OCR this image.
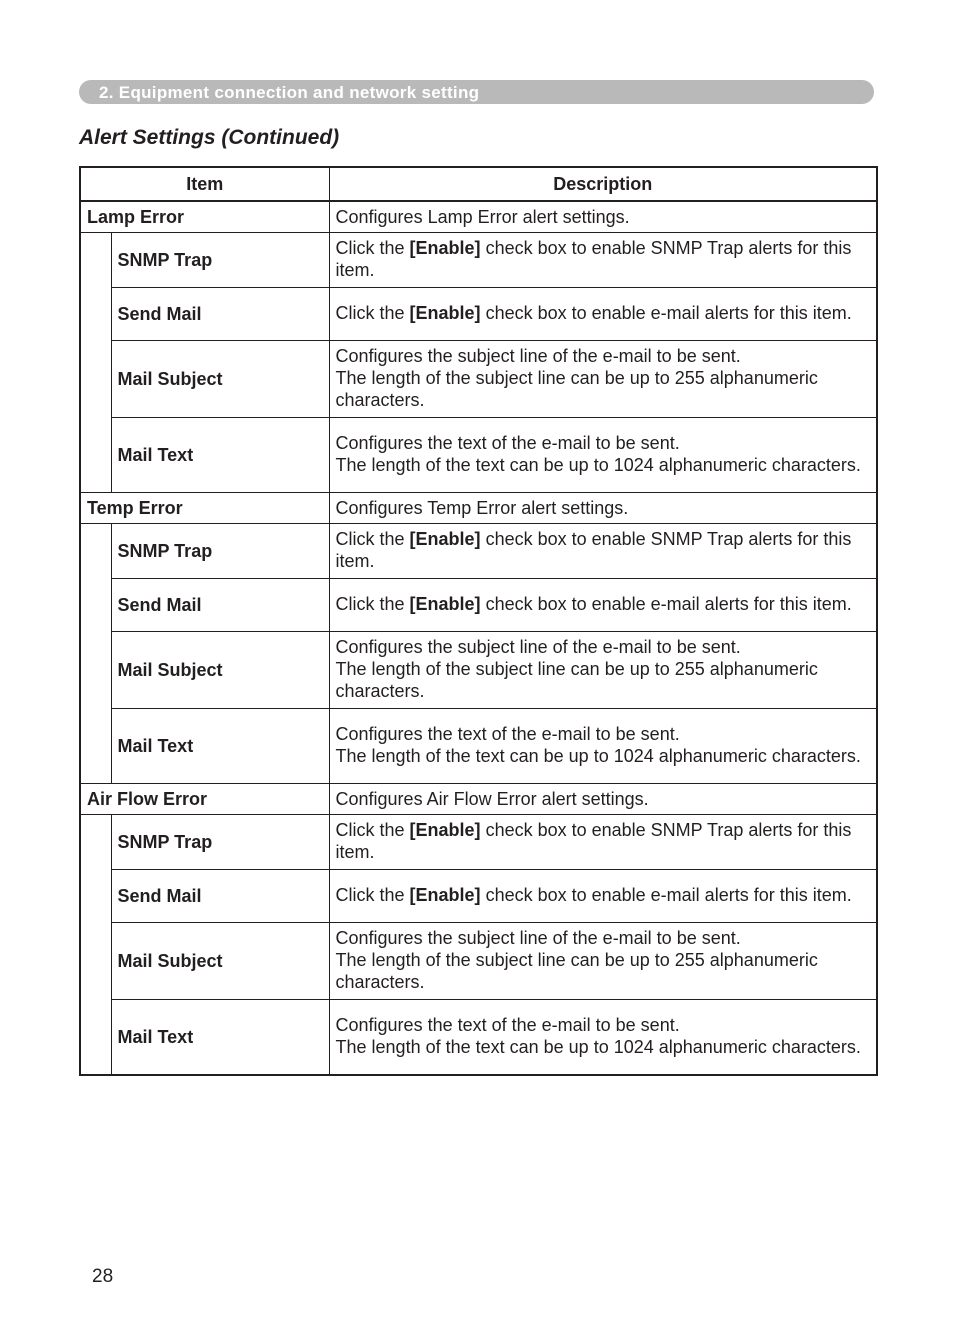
2. Equipment connection and network setting
Alert Settings (Continued)
Item		Description
Lamp Error		Configures Lamp Error alert settings.
	SNMP Trap	Click the [Enable] check box to enable SNMP Trap alerts for this item.
	Send Mail	Click the [Enable] check box to enable e-mail alerts for this item.
	Mail Subject	Configures the subject line of the e-mail to be sent.
The length of the subject line can be up to 255 alphanumeric characters.
	Mail Text	Configures the text of the e-mail to be sent.
The length of the text can be up to 1024 alphanumeric characters.
Temp Error		Configures Temp Error alert settings.
	SNMP Trap	Click the [Enable] check box to enable SNMP Trap alerts for this item.
	Send Mail	Click the [Enable] check box to enable e-mail alerts for this item.
	Mail Subject	Configures the subject line of the e-mail to be sent.
The length of the subject line can be up to 255 alphanumeric characters.
	Mail Text	Configures the text of the e-mail to be sent.
The length of the text can be up to 1024 alphanumeric characters.
Air Flow Error		Configures Air Flow Error alert settings.
	SNMP Trap	Click the [Enable] check box to enable SNMP Trap alerts for this item.
	Send Mail	Click the [Enable] check box to enable e-mail alerts for this item.
	Mail Subject	Configures the subject line of the e-mail to be sent.
The length of the subject line can be up to 255 alphanumeric characters.
	Mail Text	Configures the text of the e-mail to be sent.
The length of the text can be up to 1024 alphanumeric characters.
28
